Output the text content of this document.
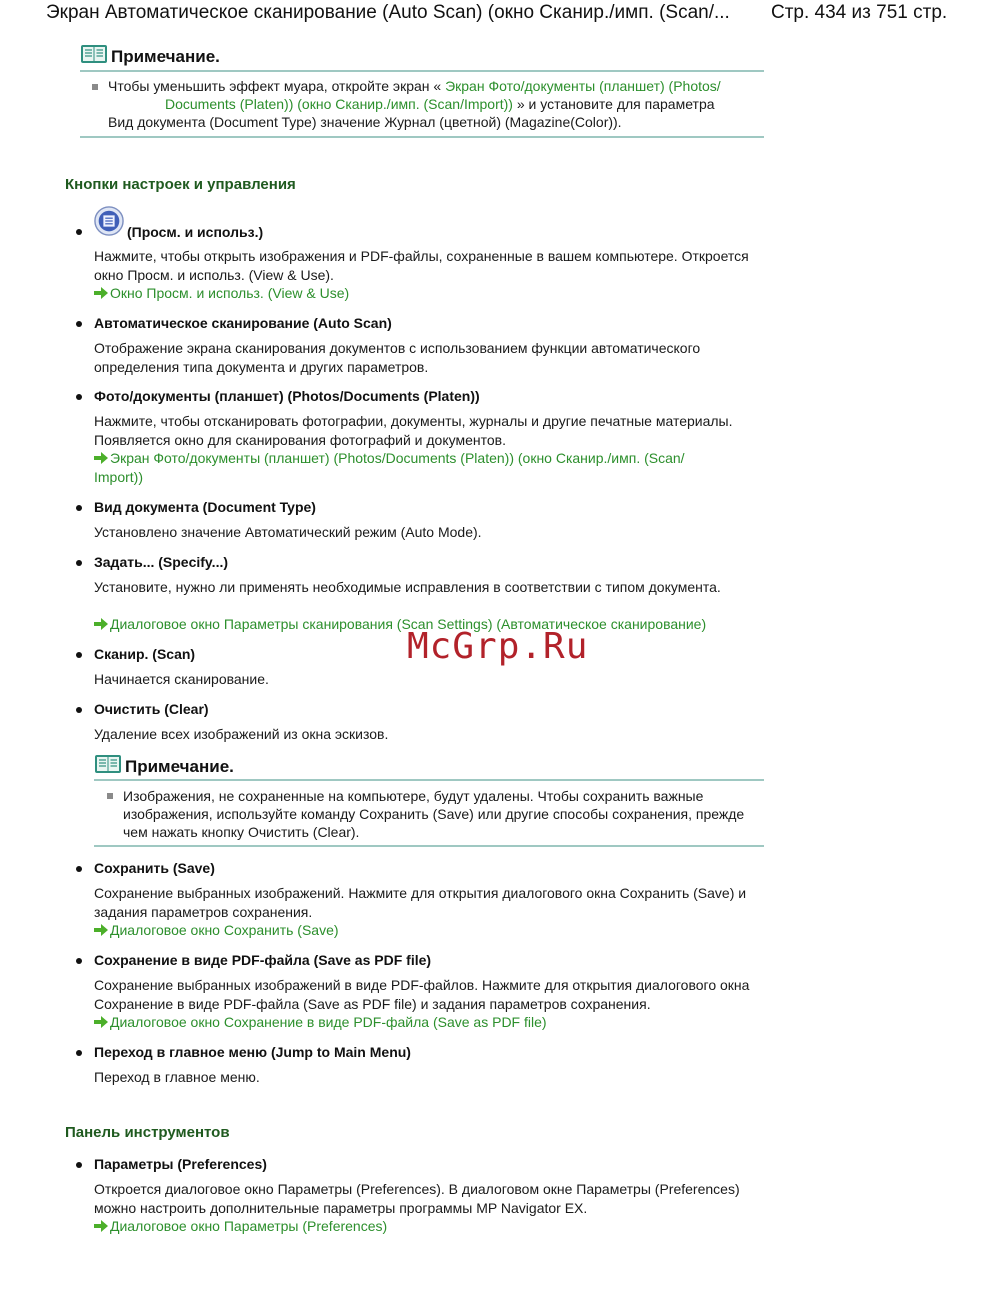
Экран Автоматическое сканирование (Auto Scan) (окно Сканир./имп. (Scan/... Стр. 434 из 751 стр.
Примечание.
Чтобы уменьшить эффект муара, откройте экран « Экран Фото/документы (планшет) (Photos/
Documents (Platen)) (окно Сканир./имп. (Scan/Import)) » и установите для параметра
Вид документа (Document Type) значение Журнал (цветной) (Magazine(Color)).
Кнопки настроек и управления
(Просм. и использ.)
Нажмите, чтобы открыть изображения и PDF-файлы, сохраненные в вашем компьютере. Откроется окно Просм. и использ. (View & Use).
Окно Просм. и использ. (View & Use)
Автоматическое сканирование (Auto Scan)
Отображение экрана сканирования документов с использованием функции автоматического определения типа документа и других параметров.
Фото/документы (планшет) (Photos/Documents (Platen))
Нажмите, чтобы отсканировать фотографии, документы, журналы и другие печатные материалы. Появляется окно для сканирования фотографий и документов.
Экран Фото/документы (планшет) (Photos/Documents (Platen)) (окно Сканир./имп. (Scan/ Import))
Вид документа (Document Type)
Установлено значение Автоматический режим (Auto Mode).
Задать... (Specify...)
Установите, нужно ли применять необходимые исправления в соответствии с типом документа.
Диалоговое окно Параметры сканирования (Scan Settings) (Автоматическое сканирование)
Сканир. (Scan)
Начинается сканирование.
Очистить (Clear)
Удаление всех изображений из окна эскизов.
Примечание.
Изображения, не сохраненные на компьютере, будут удалены. Чтобы сохранить важные изображения, используйте команду Сохранить (Save) или другие способы сохранения, прежде чем нажать кнопку Очистить (Clear).
Сохранить (Save)
Сохранение выбранных изображений. Нажмите для открытия диалогового окна Сохранить (Save) и задания параметров сохранения.
Диалоговое окно Сохранить (Save)
Сохранение в виде PDF-файла (Save as PDF file)
Сохранение выбранных изображений в виде PDF-файлов. Нажмите для открытия диалогового окна Сохранение в виде PDF-файла (Save as PDF file) и задания параметров сохранения.
Диалоговое окно Сохранение в виде PDF-файла (Save as PDF file)
Переход в главное меню (Jump to Main Menu)
Переход в главное меню.
Панель инструментов
Параметры (Preferences)
Откроется диалоговое окно Параметры (Preferences). В диалоговом окне Параметры (Preferences) можно настроить дополнительные параметры программы MP Navigator EX.
Диалоговое окно Параметры (Preferences)
McGrp.Ru
